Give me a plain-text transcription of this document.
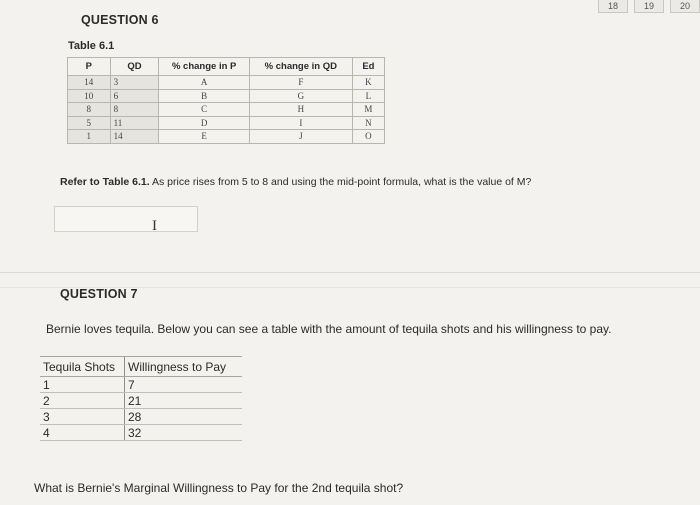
18	19	20
QUESTION 6
Table 6.1
P	QD	% change in P	% change in QD	Ed
14	3	A	F	K
10	6	B	G	L
8	8	C	H	M
5	11	D	I	N
1	14	E	J	O
Refer to Table 6.1. As price rises from 5 to 8 and using the mid-point formula, what is the value of M?
I
QUESTION 7
Bernie loves tequila. Below you can see a table with the amount of tequila shots and his willingness to pay.
Tequila Shots	Willingness to Pay
1	7
2	21
3	28
4	32
What is Bernie's Marginal Willingness to Pay for the 2nd tequila shot?
